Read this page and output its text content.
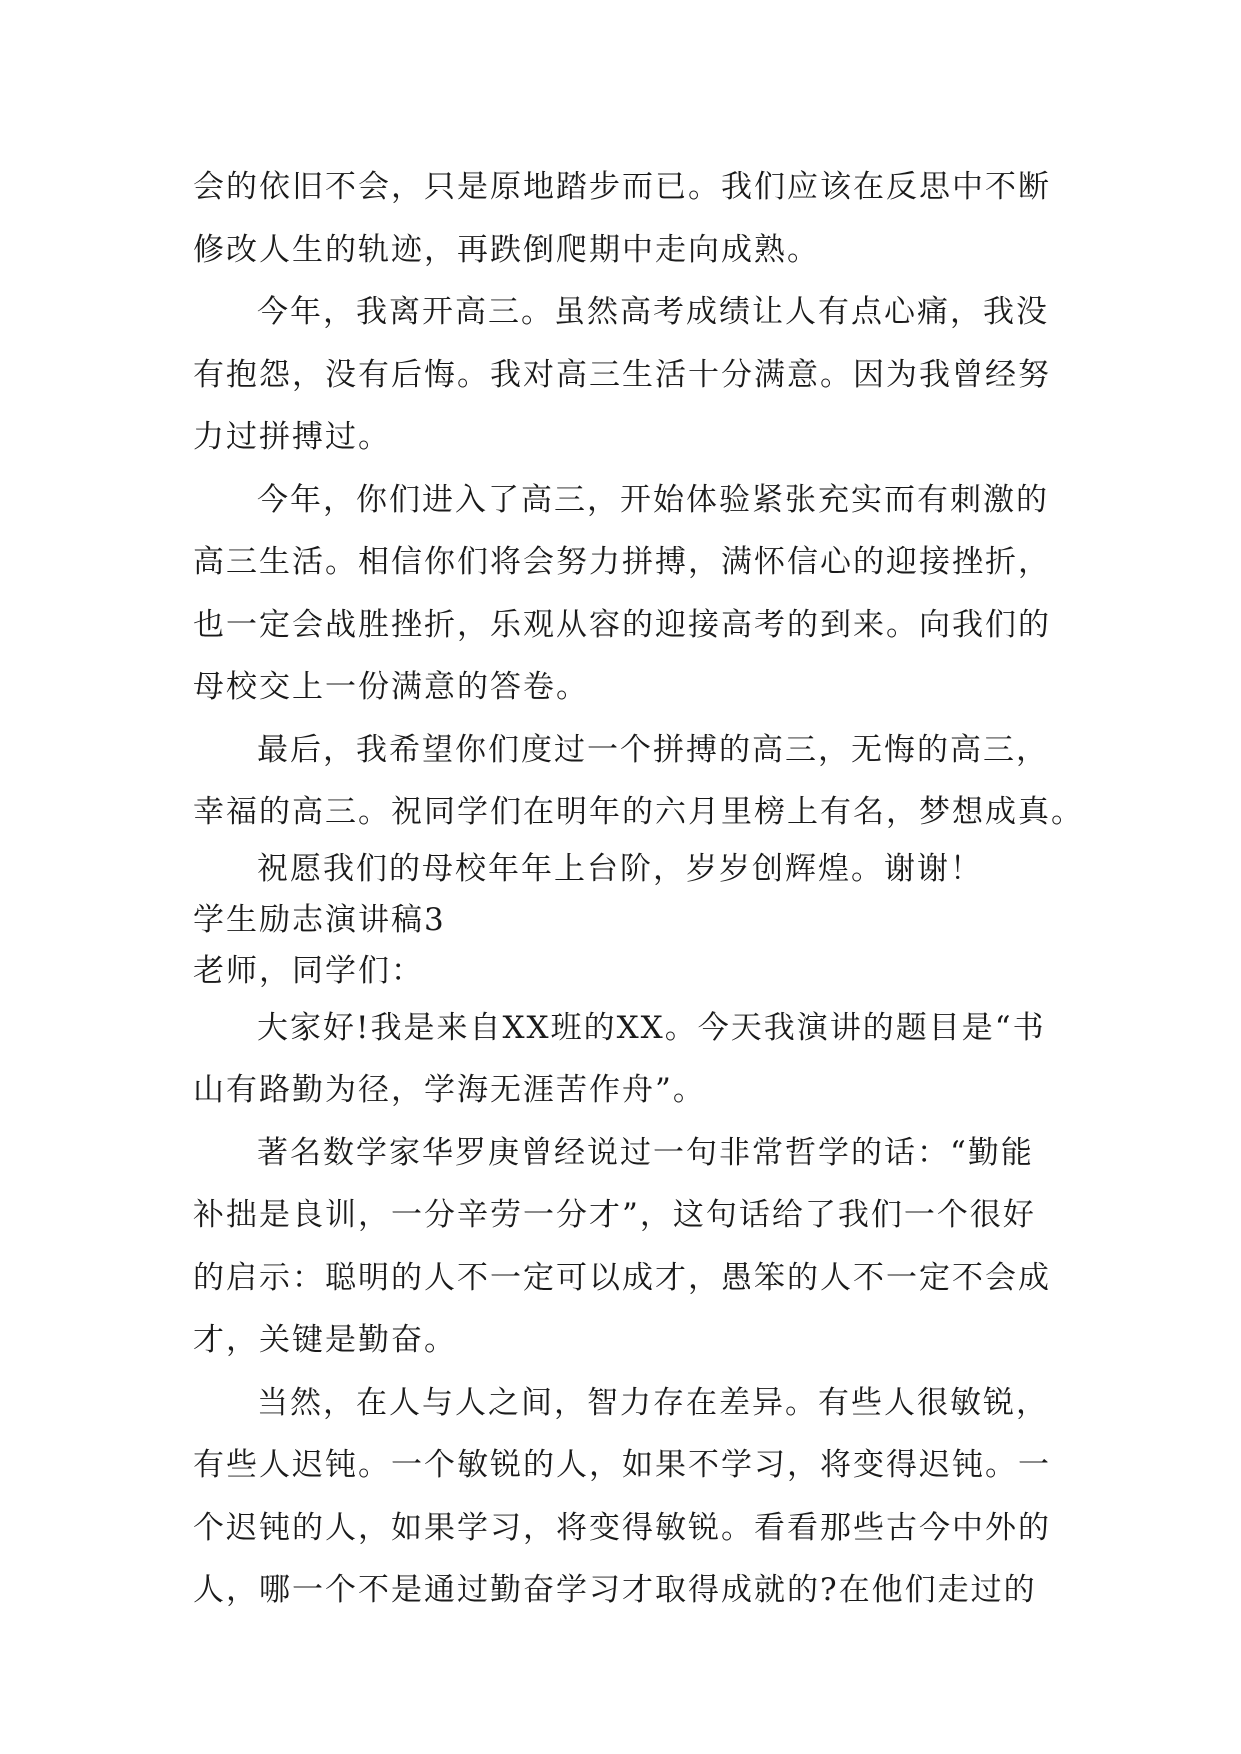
会的依旧不会，只是原地踏步而已。我们应该在反思中不断
修改人生的轨迹，再跌倒爬期中走向成熟。
今年，我离开高三。虽然高考成绩让人有点心痛，我没
有抱怨，没有后悔。我对高三生活十分满意。因为我曾经努
力过拼搏过。
今年，你们进入了高三，开始体验紧张充实而有刺激的
高三生活。相信你们将会努力拼搏，满怀信心的迎接挫折，
也一定会战胜挫折，乐观从容的迎接高考的到来。向我们的
母校交上一份满意的答卷。
最后，我希望你们度过一个拼搏的高三，无悔的高三，
幸福的高三。祝同学们在明年的六月里榜上有名，梦想成真。
祝愿我们的母校年年上台阶，岁岁创辉煌。谢谢！
学生励志演讲稿3
老师，同学们：
大家好!我是来自XX班的XX。今天我演讲的题目是“书
山有路勤为径，学海无涯苦作舟”。
著名数学家华罗庚曾经说过一句非常哲学的话：“勤能
补拙是良训，一分辛劳一分才”，这句话给了我们一个很好
的启示：聪明的人不一定可以成才，愚笨的人不一定不会成
才，关键是勤奋。
当然，在人与人之间，智力存在差异。有些人很敏锐，
有些人迟钝。一个敏锐的人，如果不学习，将变得迟钝。一
个迟钝的人，如果学习，将变得敏锐。看看那些古今中外的
人，哪一个不是通过勤奋学习才取得成就的?在他们走过的
